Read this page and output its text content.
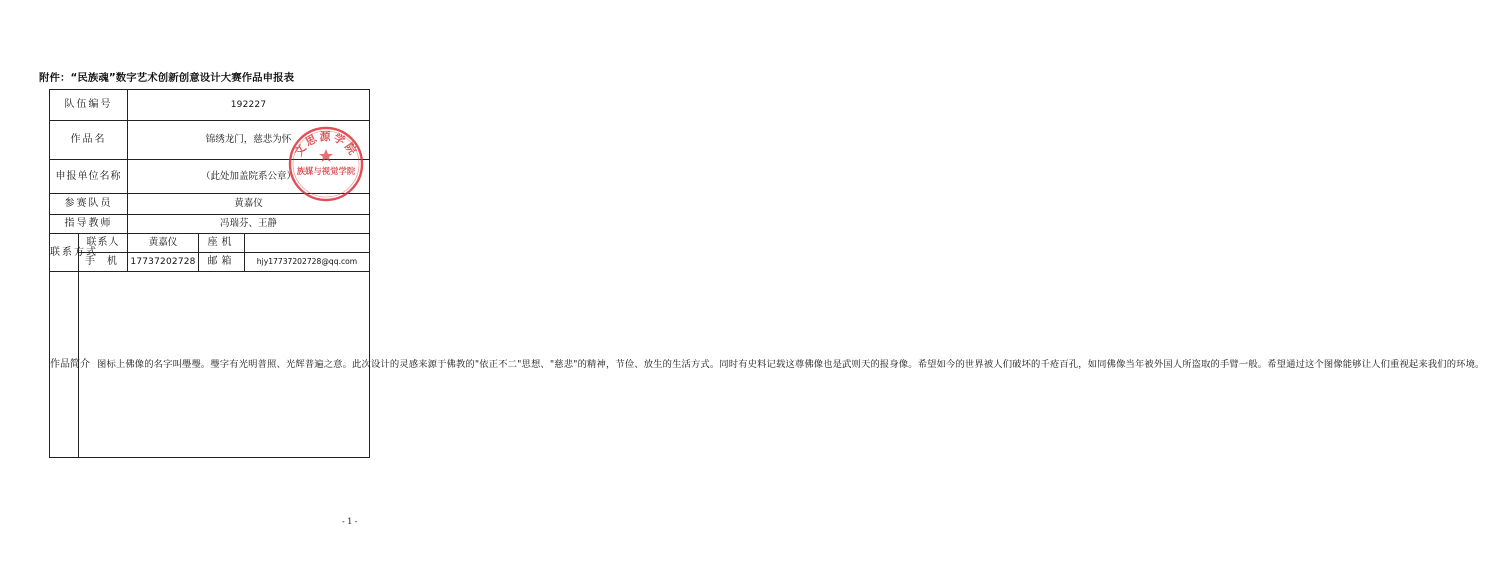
附件：“民族魂”数字艺术创新创意设计大赛作品申报表
队伍编号		192227		
作品名		锦绣龙门，慈悲为怀		
申报单位名称		（此处加盖院系公章）		
参赛队员		黄嘉仪		
指导教师		冯瑞芬、王静		
联系方式	联系人	黄嘉仪	座机	
	手机	17737202728	邮箱	hjy17737202728@qq.com
作品简介	图标上佛像的名字叫璺璺。璺字有光明普照、光辉普遍之意。此次设计的灵感来源于佛教的"依正不二"思想、"慈悲"的精神，节俭、放生的生活方式。同时有史料记载这尊佛像也是武则天的报身像。希望如今的世界被人们破坏的千疮百孔，如同佛像当年被外国人所盗取的手臂一般。希望通过这个图像能够让人们重视起来我们的环境。			
文思源学院
族媒与视觉学院
- 1 -
